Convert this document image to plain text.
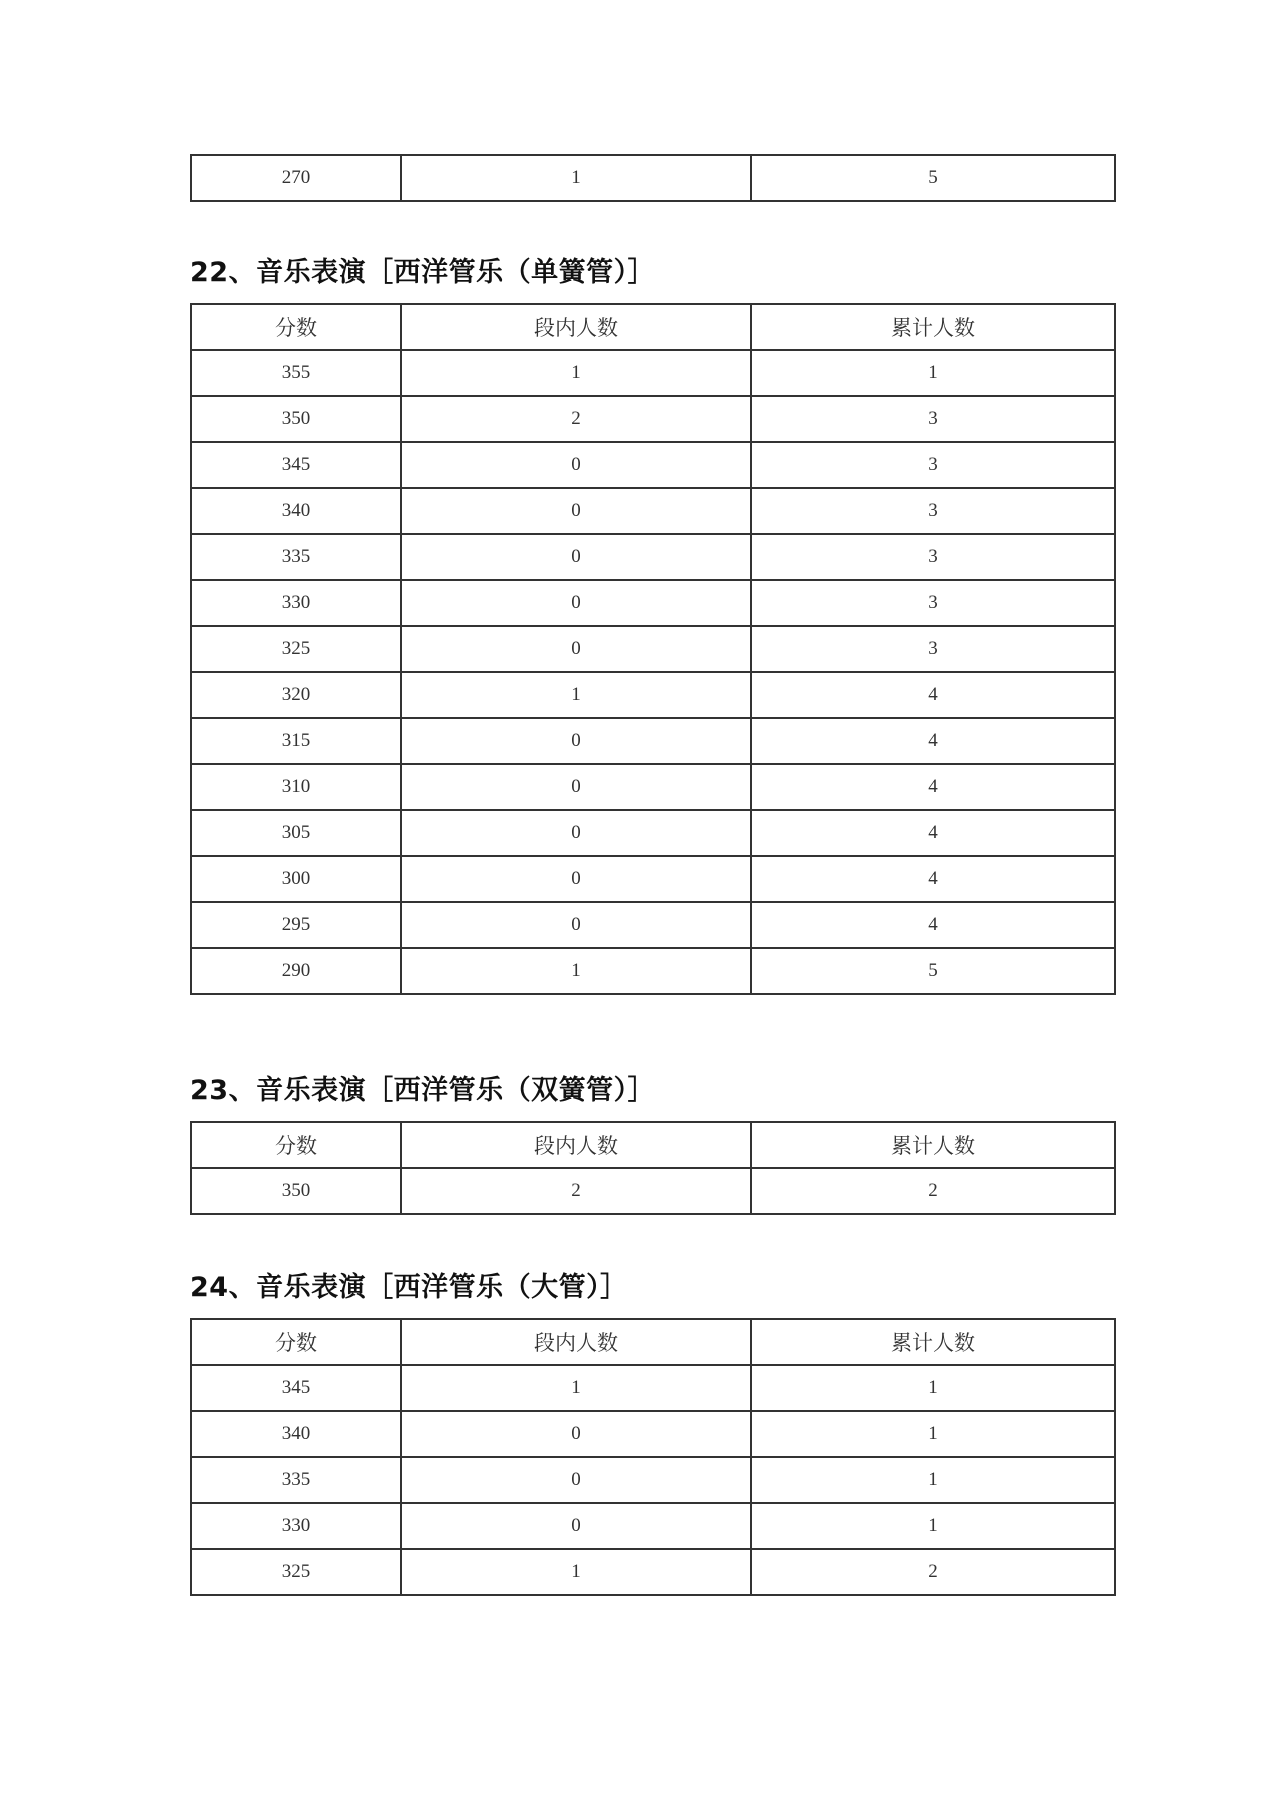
270	1	5
22、音乐表演［西洋管乐（单簧管）］
分数	段内人数	累计人数
355	1	1
350	2	3
345	0	3
340	0	3
335	0	3
330	0	3
325	0	3
320	1	4
315	0	4
310	0	4
305	0	4
300	0	4
295	0	4
290	1	5
23、音乐表演［西洋管乐（双簧管）］
分数	段内人数	累计人数
350	2	2
24、音乐表演［西洋管乐（大管）］
分数	段内人数	累计人数
345	1	1
340	0	1
335	0	1
330	0	1
325	1	2
